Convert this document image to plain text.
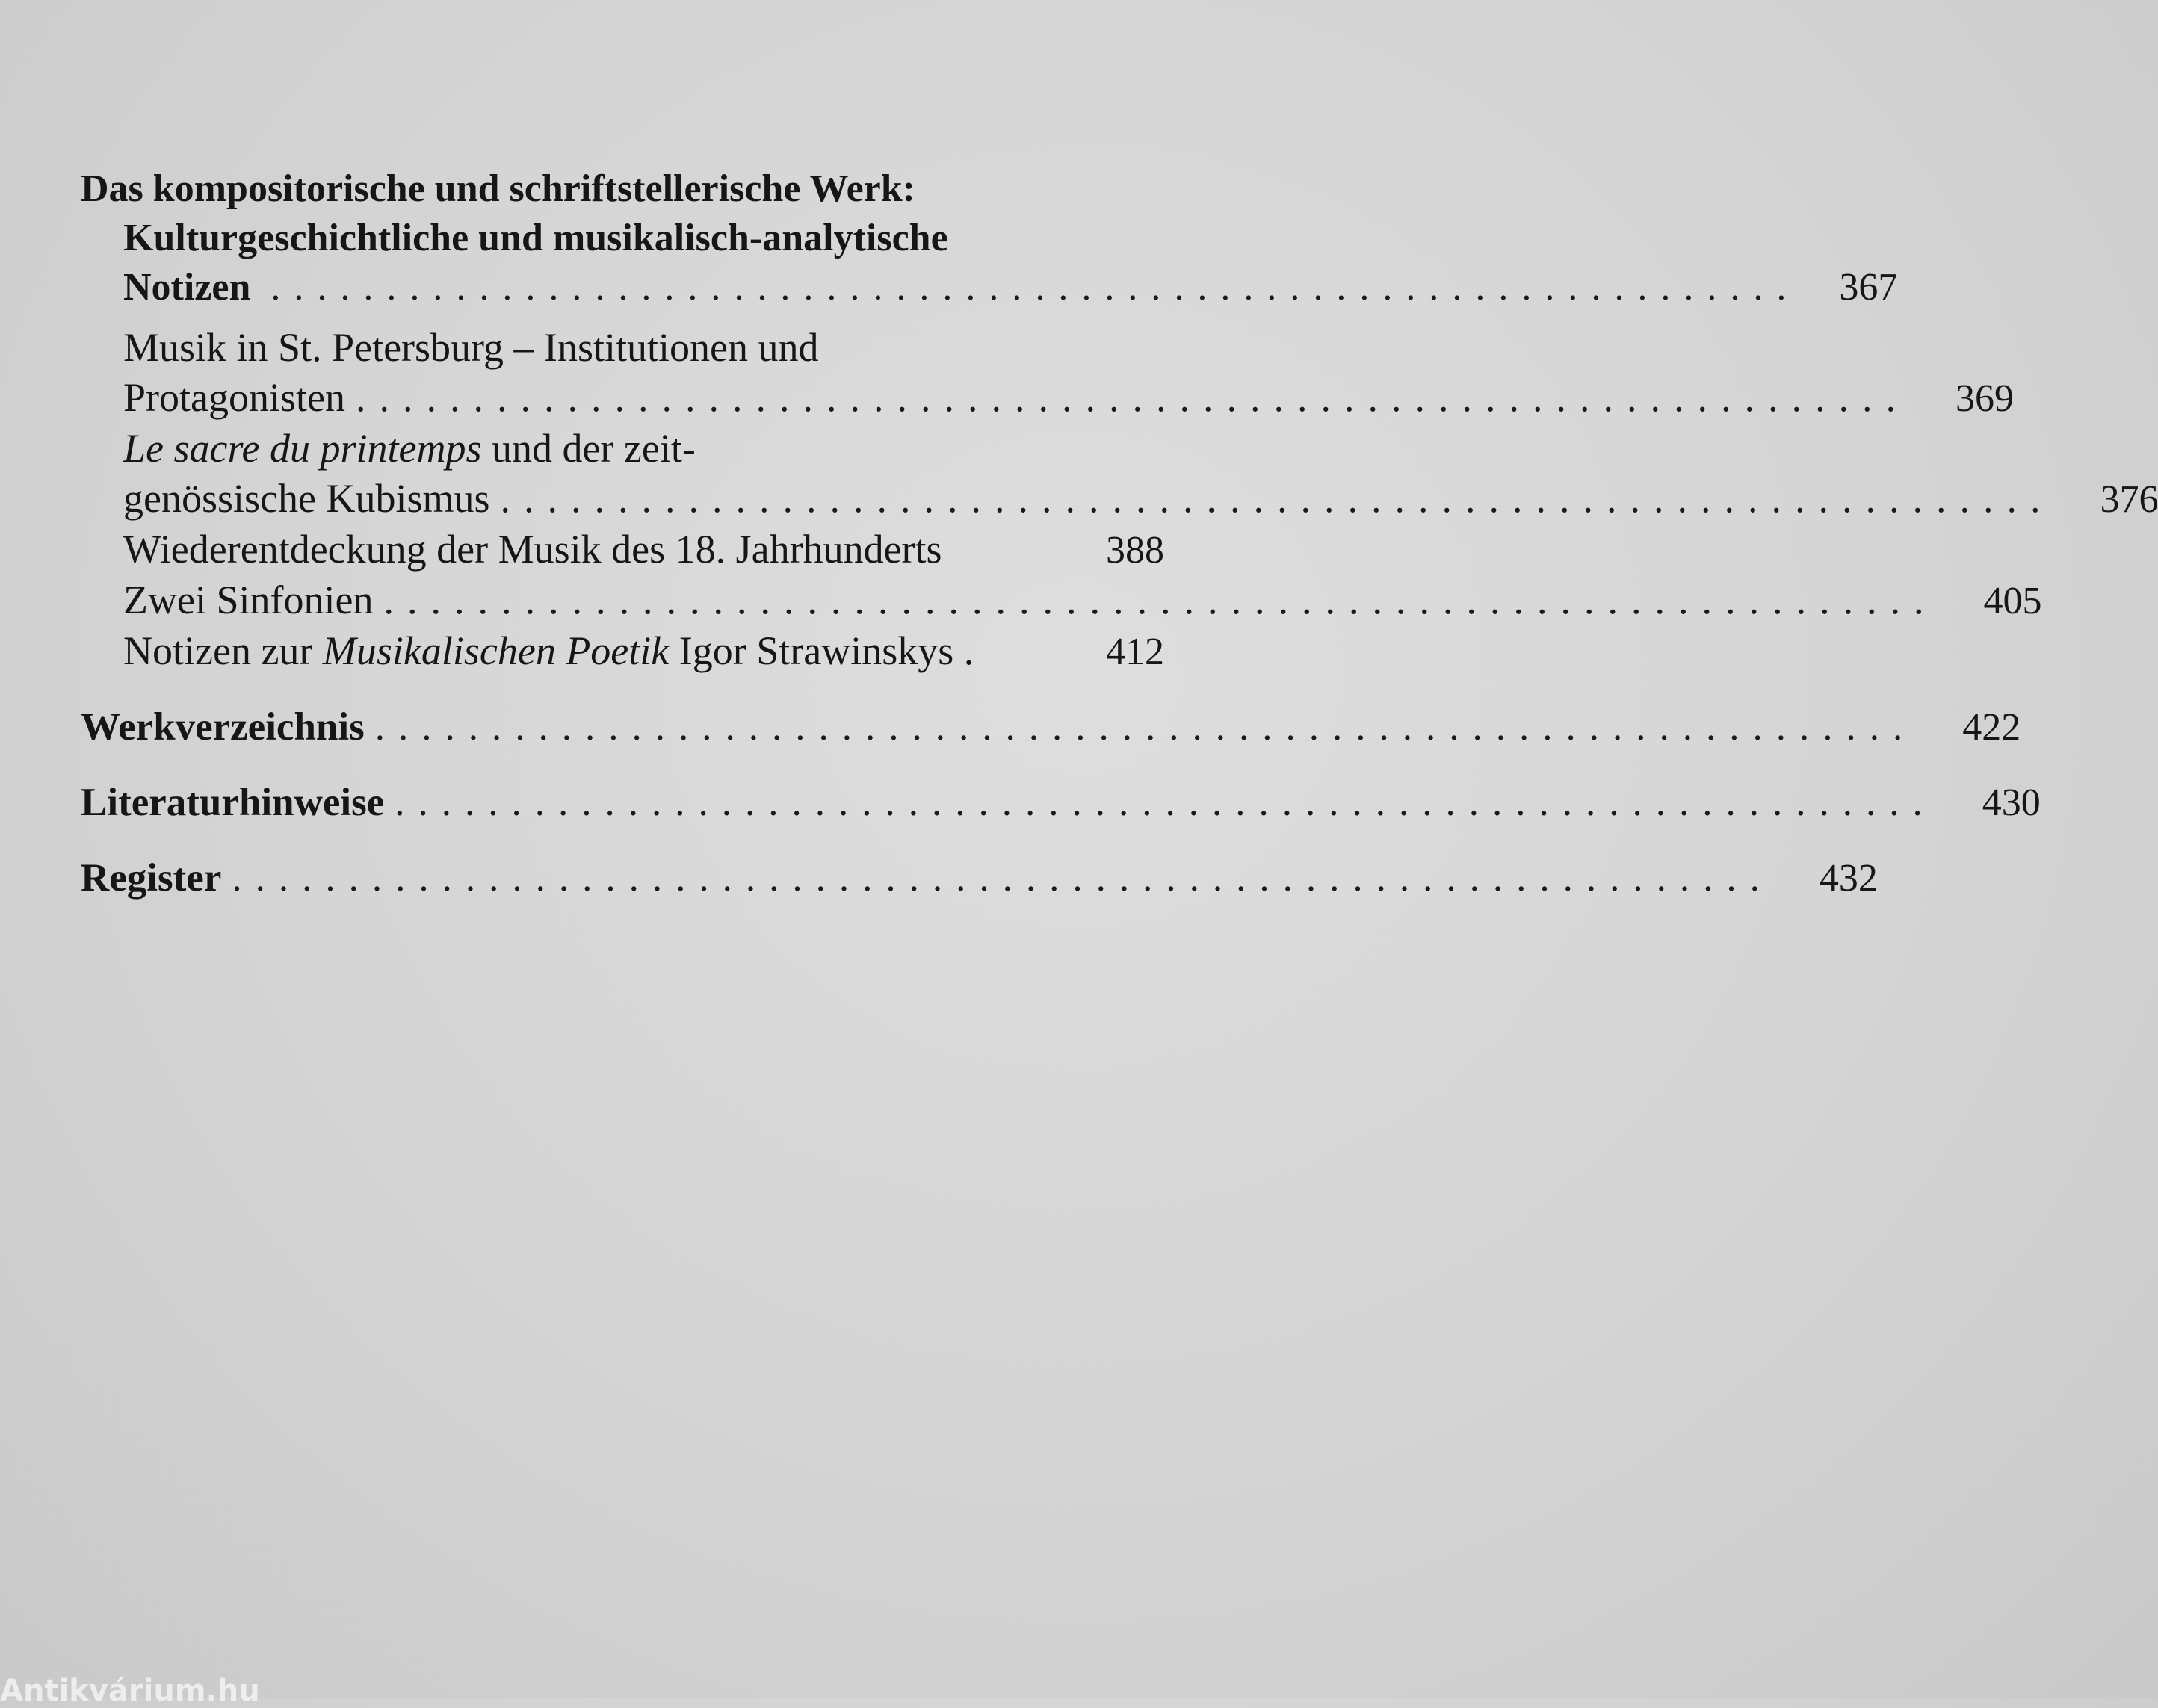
Das kompositorische und schriftstellerische Werk:
Kulturgeschichtliche und musikalisch-analytische
Notizen .................................................................. 367
Musik in St. Petersburg – Institutionen und
Protagonisten ..................................................................	369
Le sacre du printemps und der zeit-
genössische Kubismus ..................................................................	376
Wiederentdeckung der Musik des 18. Jahrhunderts	388
Zwei Sinfonien ..................................................................	405
Notizen zur Musikalischen Poetik Igor Strawinskys .	412
Werkverzeichnis ..................................................................	422
Literaturhinweise ..................................................................	430
Register ..................................................................	432
Antikvárium.hu
